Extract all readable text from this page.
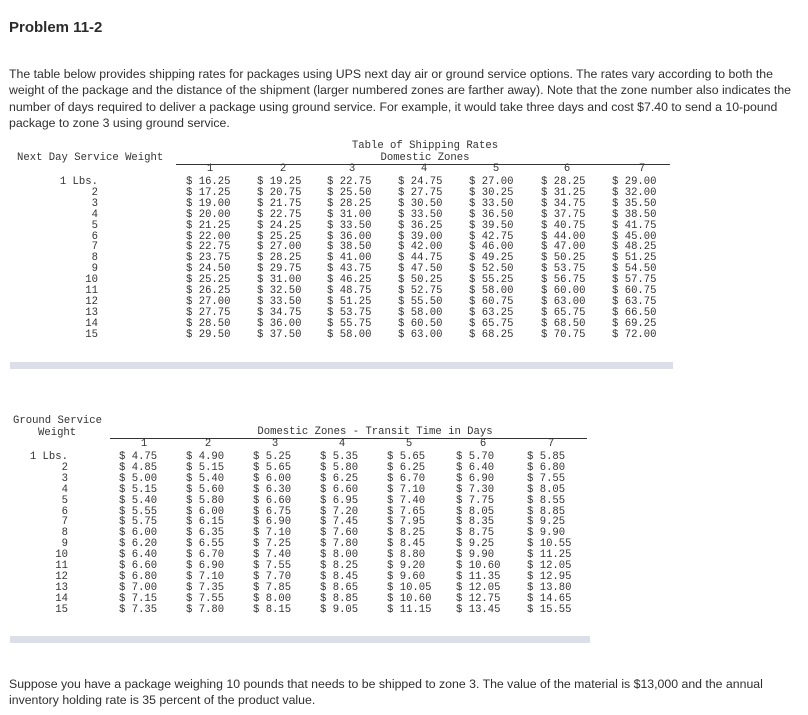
Problem 11-2

The table below provides shipping rates for packages using UPS next day air or ground service options. The rates vary according to both the weight of the package and the distance of the shipment (larger numbered zones are farther away). Note that the zone number also indicates the number of days required to deliver a package using ground service. For example, it would take three days and cost $7.40 to send a 10-pound package to zone 3 using ground service.

Table of Shipping Rates
Domestic Zones
Next Day Service Weight
1	2	3	4	5	6	7
1 Lbs.	$ 16.25 $ 19.25 $ 22.75 $ 24.75 $ 27.00	$ 28.25 $ 29.00
2	$ 17.25 $ 20.75 $ 25.50 $ 27.75 $ 30.25	$ 31.25 $ 32.00
3	$ 19.00 $ 21.75 $ 28.25 $ 30.50 $ 33.50	$ 34.75 $ 35.50
4	$ 20.00 $ 22.75 $ 31.00 $ 33.50 $ 36.50	$ 37.75 $ 38.50
5	$ 21.25 $ 24.25 $ 33.50 $ 36.25 $ 39.50	$ 40.75 $ 41.75
6	$ 22.00 $ 25.25 $ 36.00 $ 39.00 $ 42.75	$ 44.00 $ 45.00
7	$ 22.75 $ 27.00 $ 38.50 $ 42.00 $ 46.00	$ 47.00 $ 48.25
8	$ 23.75 $ 28.25 $ 41.00 $ 44.75 $ 49.25	$ 50.25 $ 51.25
9	$ 24.50 $ 29.75 $ 43.75 $ 47.50 $ 52.50	$ 53.75 $ 54.50
10	$ 25.25 $ 31.00 $ 46.25 $ 50.25 $ 55.25	$ 56.75 $ 57.75
11	$ 26.25 $ 32.50 $ 48.75 $ 52.75 $ 58.00	$ 60.00 $ 60.75
12	$ 27.00 $ 33.50 $ 51.25 $ 55.50 $ 60.75	$ 63.00 $ 63.75
13	$ 27.75 $ 34.75 $ 53.75 $ 58.00 $ 63.25	$ 65.75 $ 66.50
14	$ 28.50 $ 36.00 $ 55.75 $ 60.50 $ 65.75	$ 68.50 $ 69.25
15	$ 29.50 $ 37.50 $ 58.00 $ 63.00 $ 68.25	$ 70.75 $ 72.00
Ground Service
Weight	Domestic Zones - Transit Time in Days
1	2	3	4	5	6	7
1 Lbs.	$ 4.75	$ 4.90	$ 5.25	$ 5.35	$ 5.65	$ 5.70	$ 5.85
2	$ 4.85	$ 5.15	$ 5.65	$ 5.80	$ 6.25	$ 6.40	$ 6.80
3	$ 5.00	$ 5.40	$ 6.00	$ 6.25	$ 6.70	$ 6.90	$ 7.55
4	$ 5.15	$ 5.60	$ 6.30	$ 6.60	$ 7.10	$ 7.30	$ 8.05
5	$ 5.40	$ 5.80	$ 6.60	$ 6.95	$ 7.40	$ 7.75	$ 8.55
6	$ 5.55	$ 6.00	$ 6.75	$ 7.20	$ 7.65	$ 8.05	$ 8.85
7	$ 5.75	$ 6.15	$ 6.90	$ 7.45	$ 7.95	$ 8.35	$ 9.25
8	$ 6.00	$ 6.35	$ 7.10	$ 7.60	$ 8.25	$ 8.75	$ 9.90
9	$ 6.20	$ 6.55	$ 7.25	$ 7.80	$ 8.45	$ 9.25	$ 10.55
10	$ 6.40	$ 6.70	$ 7.40	$ 8.00	$ 8.80	$ 9.90	$ 11.25
11	$ 6.60	$ 6.90	$ 7.55	$ 8.25	$ 9.20	$ 10.60 $ 12.05
12	$ 6.80	$ 7.10	$ 7.70	$ 8.45	$ 9.60	$ 11.35 $ 12.95
13	$ 7.00	$ 7.35	$ 7.85	$ 8.65	$ 10.05 $ 12.05 $ 13.80
14	$ 7.15	$ 7.55	$ 8.00	$ 8.85	$ 10.60 $ 12.75 $ 14.65
15	$ 7.35	$ 7.80	$ 8.15	$ 9.05	$ 11.15 $ 13.45 $ 15.55

Suppose you have a package weighing 10 pounds that needs to be shipped to zone 3. The value of the material is $13,000 and the annual inventory holding rate is 35 percent of the product value.
